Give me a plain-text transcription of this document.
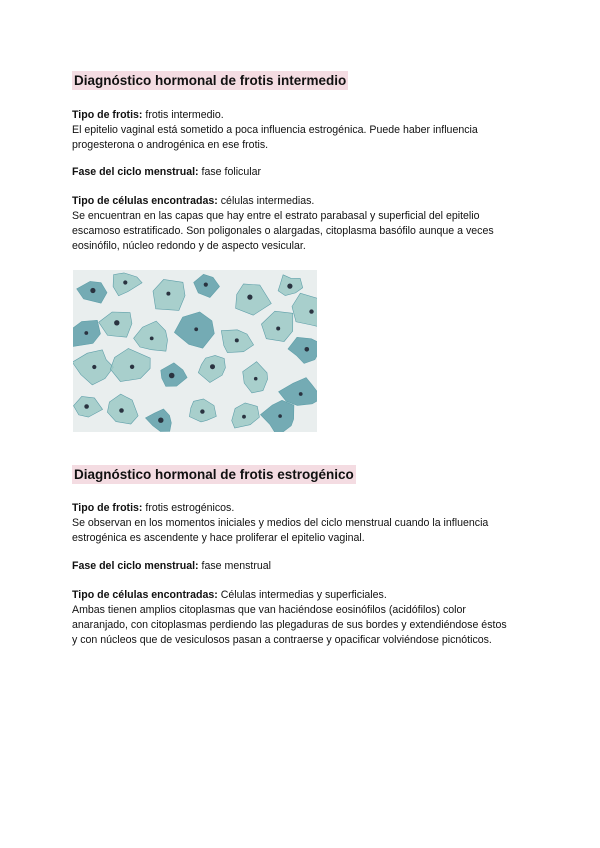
Diagnóstico hormonal de frotis intermedio
Tipo de frotis: frotis intermedio.
El epitelio vaginal está sometido a poca influencia estrogénica. Puede haber influencia
progesterona o androgénica en ese frotis.
Fase del ciclo menstrual: fase folicular
Tipo de células encontradas: células intermedias.
Se encuentran en las capas que hay entre el estrato parabasal y superficial del epitelio
escamoso estratificado. Son poligonales o alargadas, citoplasma basófilo aunque a veces
eosinófilo, núcleo redondo y de aspecto vesicular.
Diagnóstico hormonal de frotis estrogénico
Tipo de frotis: frotis estrogénicos.
Se observan en los momentos iniciales y medios del ciclo menstrual cuando la influencia
estrogénica es ascendente y hace proliferar el epitelio vaginal.
Fase del ciclo menstrual: fase menstrual
Tipo de células encontradas: Células intermedias y superficiales.
Ambas tienen amplios citoplasmas que van haciéndose eosinófilos (acidófilos) color
anaranjado, con citoplasmas perdiendo las plegaduras de sus bordes y extendiéndose éstos
y con núcleos que de vesiculosos pasan a contraerse y opacificar volviéndose picnóticos.
